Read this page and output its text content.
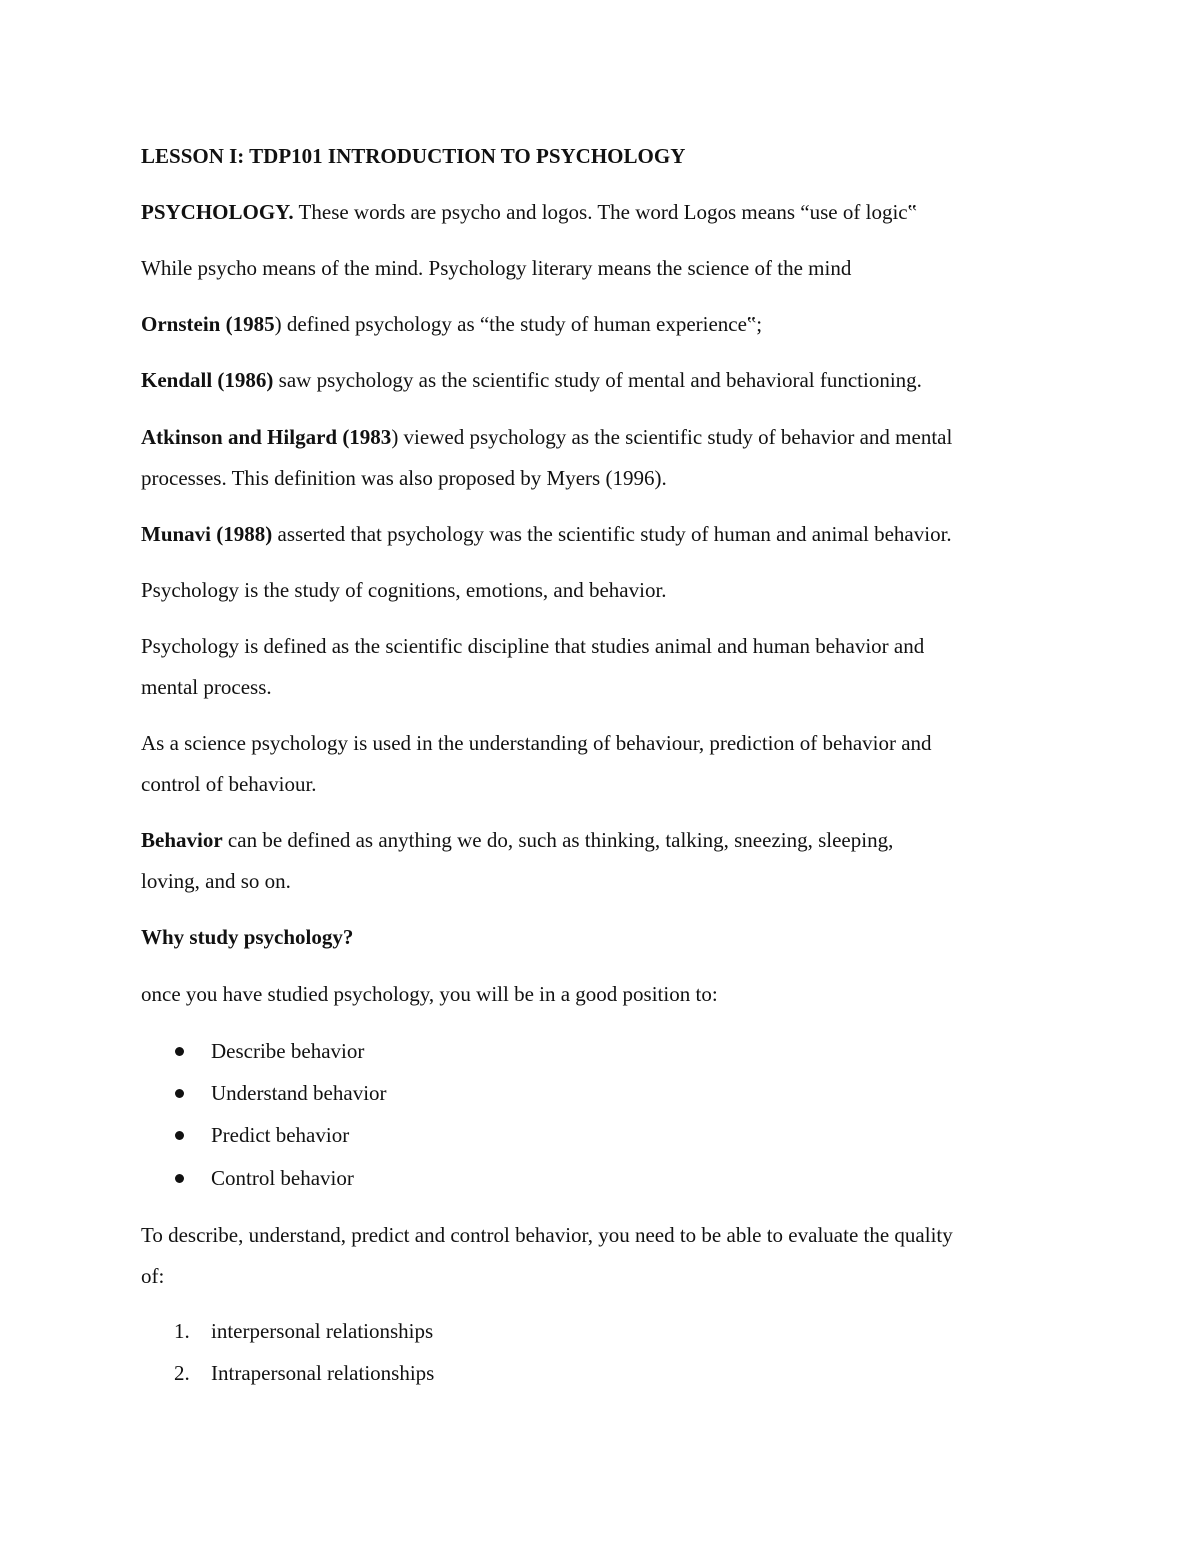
LESSON I: TDP101 INTRODUCTION TO PSYCHOLOGY
PSYCHOLOGY. These words are psycho and logos. The word Logos means “use of logic‟
While psycho means of the mind. Psychology literary means the science of the mind
Ornstein (1985) defined psychology as “the study of human experience‟;
Kendall (1986) saw psychology as the scientific study of mental and behavioral functioning.
Atkinson and Hilgard (1983) viewed psychology as the scientific study of behavior and mental
processes. This definition was also proposed by Myers (1996).
Munavi (1988) asserted that psychology was the scientific study of human and animal behavior.
Psychology is the study of cognitions, emotions, and behavior.
Psychology is defined as the scientific discipline that studies animal and human behavior and
mental process.
As a science psychology is used in the understanding of behaviour, prediction of behavior and
control of behaviour.
Behavior can be defined as anything we do, such as thinking, talking, sneezing, sleeping,
loving, and so on.
Why study psychology?
once you have studied psychology, you will be in a good position to:
Describe behavior
Understand behavior
Predict behavior
Control behavior
To describe, understand, predict and control behavior, you need to be able to evaluate the quality
of:
1. interpersonal relationships
2. Intrapersonal relationships
